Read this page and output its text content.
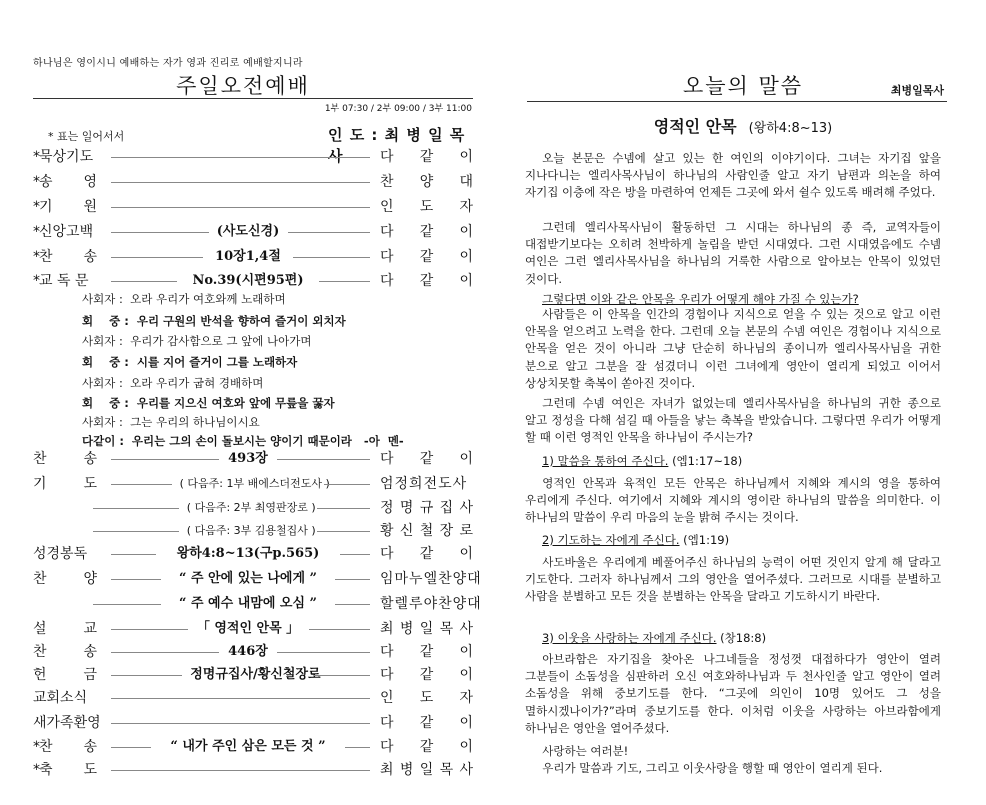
하나님은 영이시니 예배하는 자가 영과 진리로 예배할지니라
주일오전예배
1부 07:30 / 2부 09:00 / 3부 11:00
* 표는 일어서서	인 도 : 최 병 일 목 사
* 묵상기도	다 같 이
* 송 영	찬 양 대
* 기 원	인 도 자
* 신앙고백	(사도신경)	다 같 이
* 찬 송	10장1,4절	다 같 이
* 교 독 문	No.39(시편95편)	다 같 이
사회자 :  오라 우리가 여호와께 노래하며
회    중 :  우리 구원의 반석을 향하여 즐거이 외치자
사회자 :  우리가 감사함으로 그 앞에 나아가며
회    중 :  시를 지어 즐거이 그를 노래하자
사회자 :  오라 우리가 굽혀 경배하며
회    중 :  우리를 지으신 여호와 앞에 무릎을 꿇자
사회자 :  그는 우리의 하나님이시요
다같이 :  우리는 그의 손이 돌보시는 양이기 때문이라   -아  멘-
찬	송	493장	다 같 이
기	도	( 다음주: 1부 배에스더전도사 )	엄정희전도사
( 다음주: 2부 최영판장로 )	정 명 규 집 사
( 다음주: 3부 김용철집사 )	황 신 철 장 로
성경봉독	왕하4:8~13(구p.565)	다 같 이
찬	양	“ 주 안에 있는 나에게 ”	임마누엘찬양대
“ 주 예수 내맘에 오심 ”	할렐루야찬양대
설	교	「 영적인 안목 」	최 병 일 목 사
찬	송	446장	다 같 이
헌	금	정명규집사/황신철장로	다 같 이
교회소식	인 도 자
새가족환영	다 같 이
* 찬 송	“ 내가 주인 삼은 모든 것 ”	다 같 이
* 축 도	최 병 일 목 사
오늘의 말씀	최병일목사
영적인 안목 (왕하4:8~13)
오늘 본문은 수넴에 살고 있는 한 여인의 이야기이다. 그녀는 자기집 앞을 지나다니는 엘리사목사님이 하나님의 사람인줄 알고 자기 남편과 의논을 하여 자기집 이층에 작은 방을 마련하여 언제든 그곳에 와서 쉴수 있도록 배려해 주었다.
그런데 엘리사목사님이 활동하던 그 시대는 하나님의 종 즉, 교역자들이 대접받기보다는 오히려 천박하게 놀림을 받던 시대였다. 그런 시대였음에도 수넴 여인은 그런 엘리사목사님을 하나님의 거룩한 사람으로 알아보는 안목이 있었던 것이다.
그렇다면 이와 같은 안목을 우리가 어떻게 해야 가질 수 있는가?
사람들은 이 안목을 인간의 경험이나 지식으로 얻을 수 있는 것으로 알고 이런 안목을 얻으려고 노력을 한다. 그런데 오늘 본문의 수넴 여인은 경험이나 지식으로 안목을 얻은 것이 아니라 그냥 단순히 하나님의 종이니까 엘리사목사님을 귀한 분으로 알고 그분을 잘 섬겼더니 이런 그녀에게 영안이 열리게 되었고 이어서 상상치못할 축복이 쏟아진 것이다.
그런데 수넴 여인은 자녀가 없었는데 엘리사목사님을 하나님의 귀한 종으로 알고 정성을 다해 섬길 때 아들을 낳는 축복을 받았습니다. 그렇다면 우리가 어떻게 할 때 이런 영적인 안목을 하나님이 주시는가?
1) 말씀을 통하여 주신다. (엡1:17~18)
영적인 안목과 육적인 모든 안목은 하나님께서 지혜와 계시의 영을 통하여 우리에게 주신다. 여기에서 지혜와 계시의 영이란 하나님의 말씀을 의미한다. 이 하나님의 말씀이 우리 마음의 눈을 밝혀 주시는 것이다.
2) 기도하는 자에게 주신다. (엡1:19)
사도바울은 우리에게 베풀어주신 하나님의 능력이 어떤 것인지 알게 해 달라고 기도한다. 그러자 하나님께서 그의 영안을 열어주셨다. 그러므로 시대를 분별하고 사람을 분별하고 모든 것을 분별하는 안목을 달라고 기도하시기 바란다.
3) 이웃을 사랑하는 자에게 주신다. (창18:8)
아브라함은 자기집을 찾아온 나그네들을 정성껏 대접하다가 영안이 열려 그분들이 소돔성을 심판하러 오신 여호와하나님과 두 천사인줄 알고 영안이 열려 소돔성을 위해 중보기도를 한다. “그곳에 의인이 10명 있어도 그 성을 멸하시겠나이가?”라며 중보기도를 한다. 이처럼 이웃을 사랑하는 아브라함에게 하나님은 영안을 열어주셨다.
사랑하는 여러분!
우리가 말씀과 기도, 그리고 이웃사랑을 행할 때 영안이 열리게 된다.
